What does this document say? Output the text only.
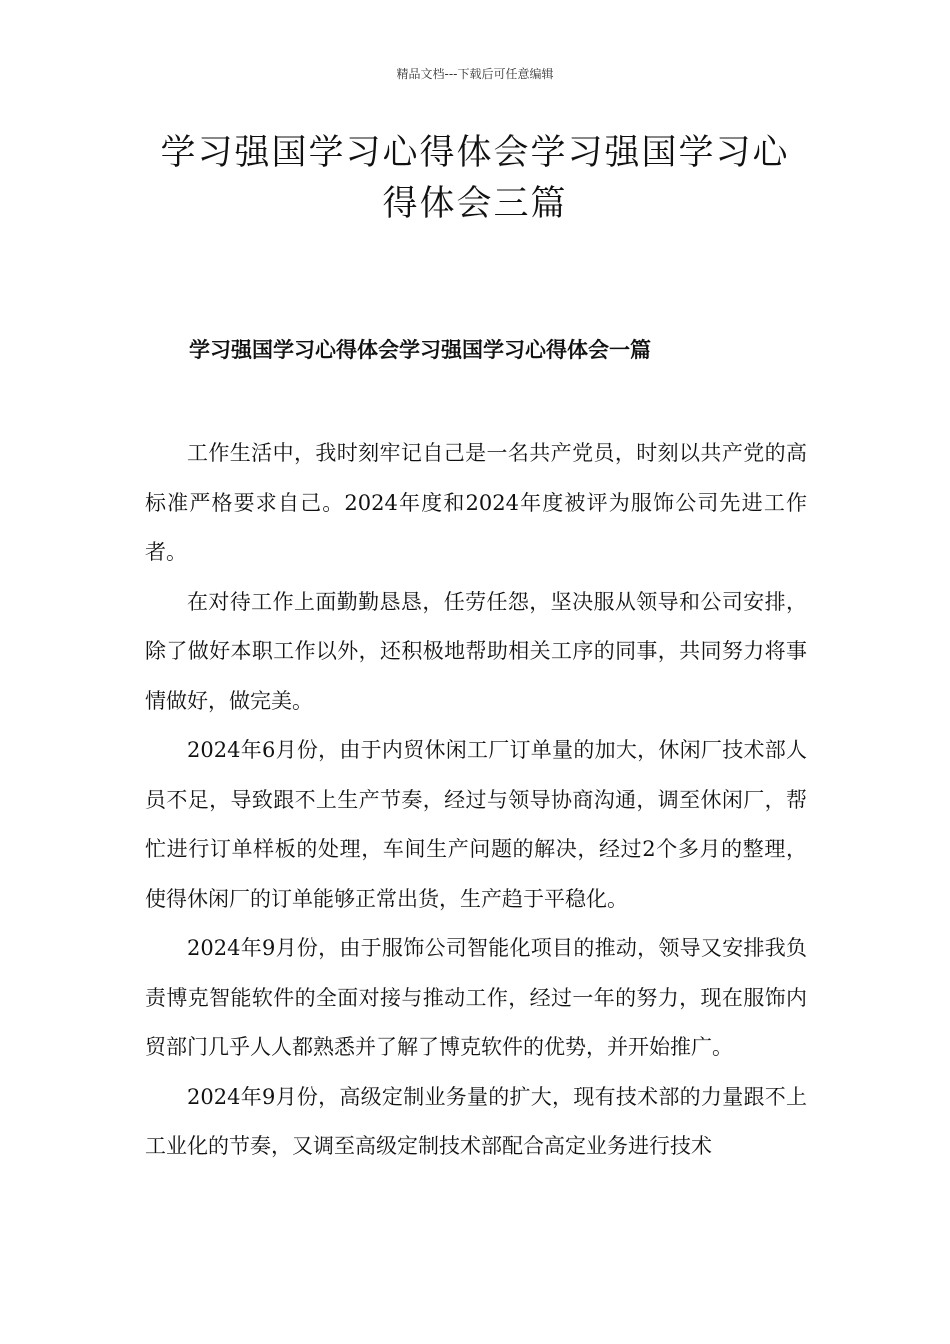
精品文档---下载后可任意编辑
学习强国学习心得体会学习强国学习心
得体会三篇
学习强国学习心得体会学习强国学习心得体会一篇

工作生活中，我时刻牢记自己是一名共产党员，时刻以共产党的高标准严格要求自己。2024年度和2024年度被评为服饰公司先进工作者。

在对待工作上面勤勤恳恳，任劳任怨，坚决服从领导和公司安排，除了做好本职工作以外，还积极地帮助相关工序的同事，共同努力将事情做好，做完美。

2024年6月份，由于内贸休闲工厂订单量的加大，休闲厂技术部人员不足，导致跟不上生产节奏，经过与领导协商沟通，调至休闲厂，帮忙进行订单样板的处理，车间生产问题的解决，经过2个多月的整理，使得休闲厂的订单能够正常出货，生产趋于平稳化。

2024年9月份，由于服饰公司智能化项目的推动，领导又安排我负责博克智能软件的全面对接与推动工作，经过一年的努力，现在服饰内贸部门几乎人人都熟悉并了解了博克软件的优势，并开始推广。

2024年9月份，高级定制业务量的扩大，现有技术部的力量跟不上工业化的节奏，又调至高级定制技术部配合高定业务进行技术
